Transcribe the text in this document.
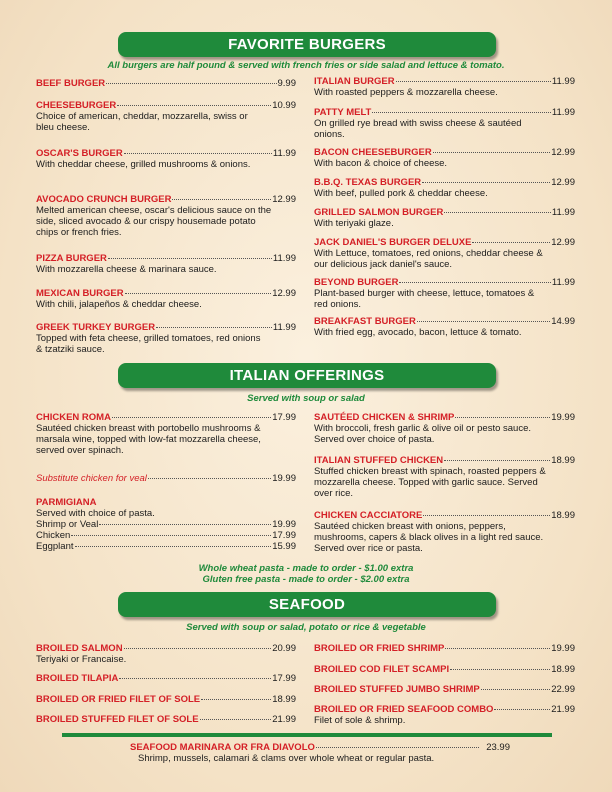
FAVORITE BURGERS
All burgers are half pound & served with french fries or side salad and lettuce & tomato.
BEEF BURGER	9.99
CHEESEBURGER	10.99
Choice of american, cheddar, mozzarella, swiss or bleu cheese.
OSCAR'S BURGER	11.99
With cheddar cheese, grilled mushrooms & onions.
AVOCADO CRUNCH BURGER	12.99
Melted american cheese, oscar's delicious sauce on the side, sliced avocado & our crispy housemade potato chips or french fries.
PIZZA BURGER	11.99
With mozzarella cheese & marinara sauce.
MEXICAN BURGER	12.99
With chili, jalapeños & cheddar cheese.
GREEK TURKEY BURGER	11.99
Topped with feta cheese, grilled tomatoes, red onions & tzatziki sauce.
ITALIAN BURGER	11.99
With roasted peppers & mozzarella cheese.
PATTY MELT	11.99
On grilled rye bread with swiss cheese & sautéed onions.
BACON CHEESEBURGER	12.99
With bacon & choice of cheese.
B.B.Q. TEXAS BURGER	12.99
With beef, pulled pork & cheddar cheese.
GRILLED SALMON BURGER	11.99
With teriyaki glaze.
JACK DANIEL'S BURGER DELUXE	12.99
With Lettuce, tomatoes, red onions, cheddar cheese & our delicious jack daniel's sauce.
BEYOND BURGER	11.99
Plant-based burger with cheese, lettuce, tomatoes & red onions.
BREAKFAST BURGER	14.99
With fried egg, avocado, bacon, lettuce & tomato.
ITALIAN OFFERINGS
Served with soup or salad
CHICKEN ROMA	17.99
Sautéed chicken breast with portobello mushrooms & marsala wine, topped with low-fat mozzarella cheese, served over spinach.
Substitute chicken for veal	19.99
PARMIGIANA
Served with choice of pasta.
Shrimp or Veal	19.99
Chicken	17.99
Eggplant	15.99
SAUTÉED CHICKEN & SHRIMP	19.99
With broccoli, fresh garlic & olive oil or pesto sauce. Served over choice of pasta.
ITALIAN STUFFED CHICKEN	18.99
Stuffed chicken breast with spinach, roasted peppers & mozzarella cheese. Topped with garlic sauce. Served over rice.
CHICKEN CACCIATORE	18.99
Sautéed chicken breast with onions, peppers, mushrooms, capers & black olives in a light red sauce. Served over rice or pasta.
Whole wheat pasta - made to order - $1.00 extra
Gluten free pasta - made to order - $2.00 extra
SEAFOOD
Served with soup or salad, potato or rice & vegetable
BROILED SALMON	20.99
Teriyaki or Francaise.
BROILED TILAPIA	17.99
BROILED OR FRIED FILET OF SOLE	18.99
BROILED STUFFED FILET OF SOLE	21.99
BROILED OR FRIED SHRIMP	19.99
BROILED COD FILET SCAMPI	18.99
BROILED STUFFED JUMBO SHRIMP	22.99
BROILED OR FRIED SEAFOOD COMBO	21.99
Filet of sole & shrimp.
SEAFOOD MARINARA OR FRA DIAVOLO	23.99
Shrimp, mussels, calamari & clams over whole wheat or regular pasta.
